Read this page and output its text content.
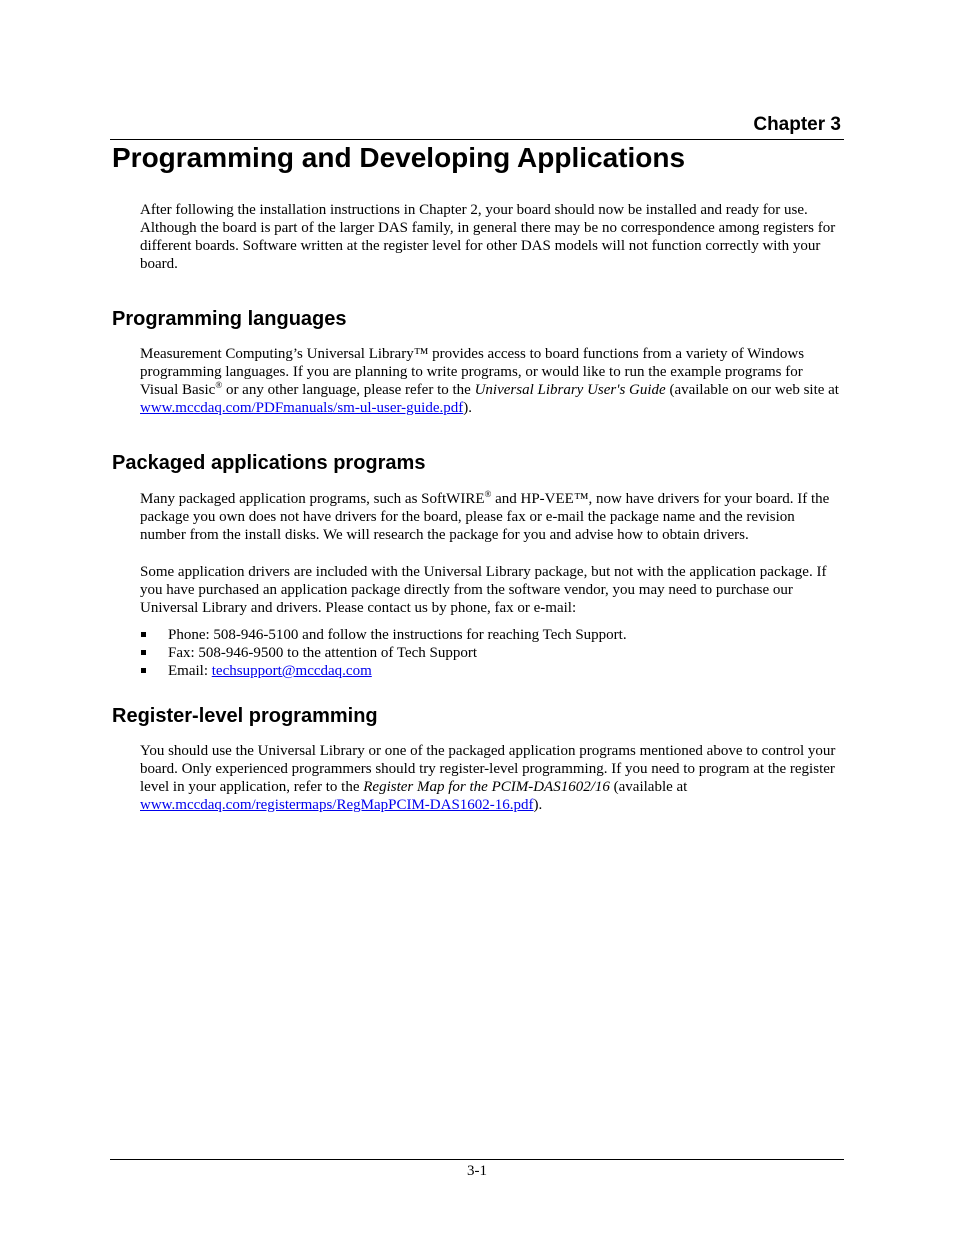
Chapter 3
Programming and Developing Applications

After following the installation instructions in Chapter 2, your board should now be installed and ready for use. Although the board is part of the larger DAS family, in general there may be no correspondence among registers for different boards. Software written at the register level for other DAS models will not function correctly with your board.

Programming languages

Measurement Computing’s Universal Library™ provides access to board functions from a variety of Windows programming languages. If you are planning to write programs, or would like to run the example programs for Visual Basic® or any other language, please refer to the Universal Library User's Guide (available on our web site at www.mccdaq.com/PDFmanuals/sm-ul-user-guide.pdf).

Packaged applications programs

Many packaged application programs, such as SoftWIRE® and HP-VEE™, now have drivers for your board. If the package you own does not have drivers for the board, please fax or e-mail the package name and the revision number from the install disks. We will research the package for you and advise how to obtain drivers.

Some application drivers are included with the Universal Library package, but not with the application package. If you have purchased an application package directly from the software vendor, you may need to purchase our Universal Library and drivers. Please contact us by phone, fax or e-mail:

Phone: 508-946-5100 and follow the instructions for reaching Tech Support.
Fax: 508-946-9500 to the attention of Tech Support
Email: techsupport@mccdaq.com
Register-level programming

You should use the Universal Library or one of the packaged application programs mentioned above to control your board. Only experienced programmers should try register-level programming. If you need to program at the register level in your application, refer to the Register Map for the PCIM-DAS1602/16 (available at www.mccdaq.com/registermaps/RegMapPCIM-DAS1602-16.pdf).

3-1
